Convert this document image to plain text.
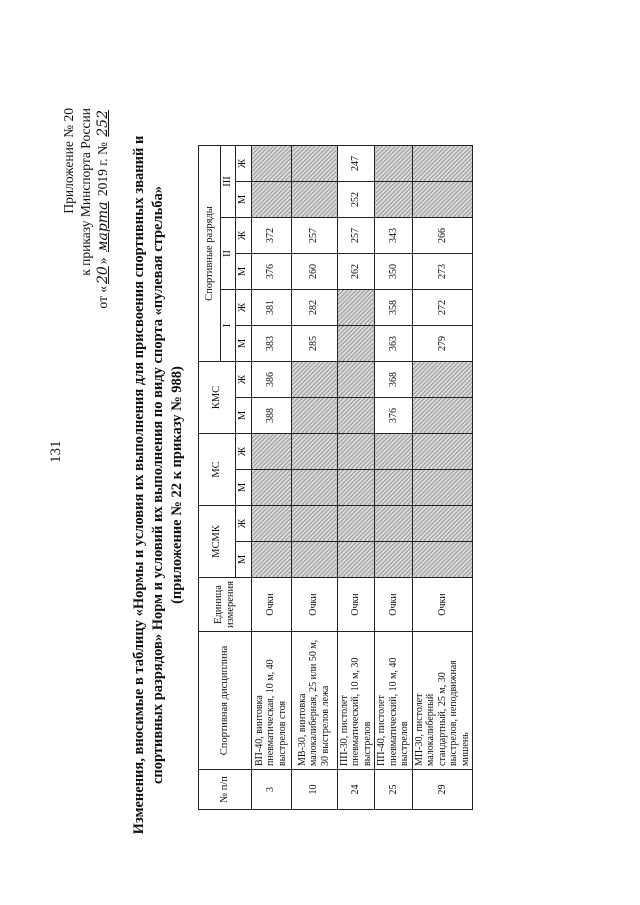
131
Приложение № 20 к приказу Минспорта России
от «20» марта 2019 г. № 252
Изменения, вносимые в таблицу «Нормы и условия их выполнения для присвоения спортивных званий и спортивных разрядов» Норм и условий их выполнения по виду спорта «пулевая стрельба» (приложение № 22 к приказу № 988)
№ п/п	Спортивная дисциплина	Единица измерения	МСМК		МС		КМС		Спортивные разряды					
									I		II		III	
			М	Ж	М	Ж	М	Ж	М	Ж	М	Ж	М	Ж
3	ВП-40, винтовка пневматическая, 10 м, 40 выстрелов стоя	Очки					388	386	383	381	376	372		
10	МВ-30, винтовка малокалиберная, 25 или 50 м, 30 выстрелов лежа	Очки							285	282	260	257		
24	ПП-30, пистолет пневматический, 10 м, 30 выстрелов	Очки									262	257	252	247
25	ПП-40, пистолет пневматический, 10 м, 40 выстрелов	Очки					376	368	363	358	350	343		
29	МП-30, пистолет малокалиберный стандартный, 25 м, 30 выстрелов, неподвижная мишень	Очки							279	272	273	266		
